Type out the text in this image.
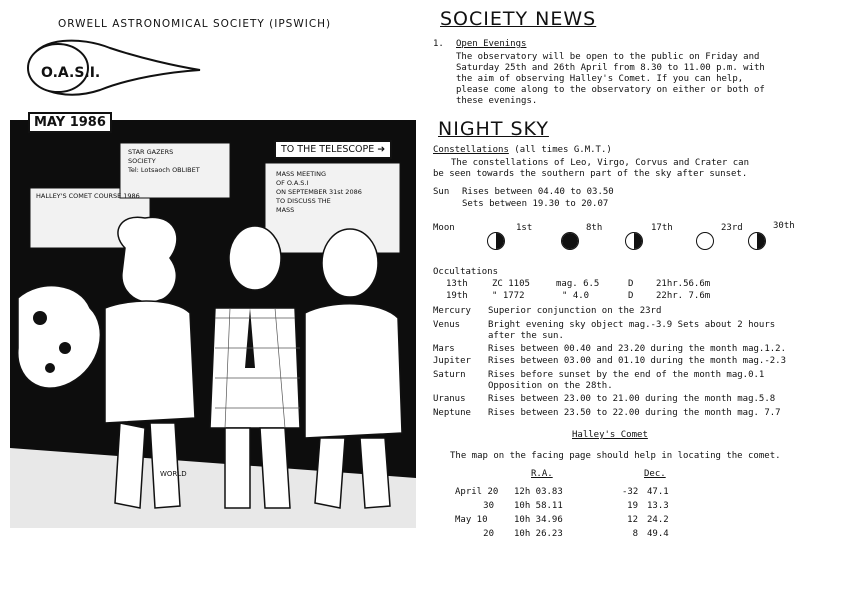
WORLD
ORWELL ASTRONOMICAL SOCIETY (IPSWICH)
O.A.S.I.
MAY 1986
STAR GAZERS
SOCIETY
Tel: Lotsaoch OBLIBET
HALLEY'S COMET COURSE 1986
TO THE TELESCOPE ➜
MASS MEETING
OF O.A.S.I
ON SEPTEMBER 31st 2086
TO DISCUSS THE
MASS
HE SAID SOMETHING LIKE :- GIOTTO DIDN'T GO ALONE TO HALLEYS COMET
AND DID EITHER OF US KNOW PATRICK MOORE'S TELEPHONE NUMBER!
SOCIETY NEWS
1. Open Evenings
The observatory will be open to the public on Friday and
Saturday 25th and 26th April from 8.30 to 11.00 p.m. with
the aim of observing Halley's Comet. If you can help,
please come along to the observatory on either or both of
these evenings.
NIGHT SKY
Constellations (all times G.M.T.)
The constellations of Leo, Virgo, Corvus and Crater can
be seen towards the southern part of the sky after sunset.
Sun Rises between 04.40 to 03.50
Sets between 19.30 to 20.07
Moon	1st	8th	17th	23rd	30th
Occultations
13th	ZC 1105	mag. 6.5	D	21hr.56.6m
19th	" 1772	" 4.0	D	22hr. 7.6m
Mercury Superior conjunction on the 23rd
Venus	Bright evening sky object mag.-3.9 Sets about 2 hours
after the sun.
Mars	Rises between 00.40 and 23.20 during the month mag.1.2.
Jupiter Rises between 03.00 and 01.10 during the month mag.-2.3
Saturn Rises before sunset by the end of the month mag.0.1
Opposition on the 28th.
Uranus Rises between 23.00 to 21.00 during the month mag.5.8
Neptune Rises between 23.50 to 22.00 during the month mag. 7.7
Halley's Comet
The map on the facing page should help in locating the comet.
R.A.	Dec.
April 20 12h 03.83	-32 47.1
30 10h 58.11	19 13.3
May 10	10h 34.96	12 24.2
20 10h 26.23	8 49.4
